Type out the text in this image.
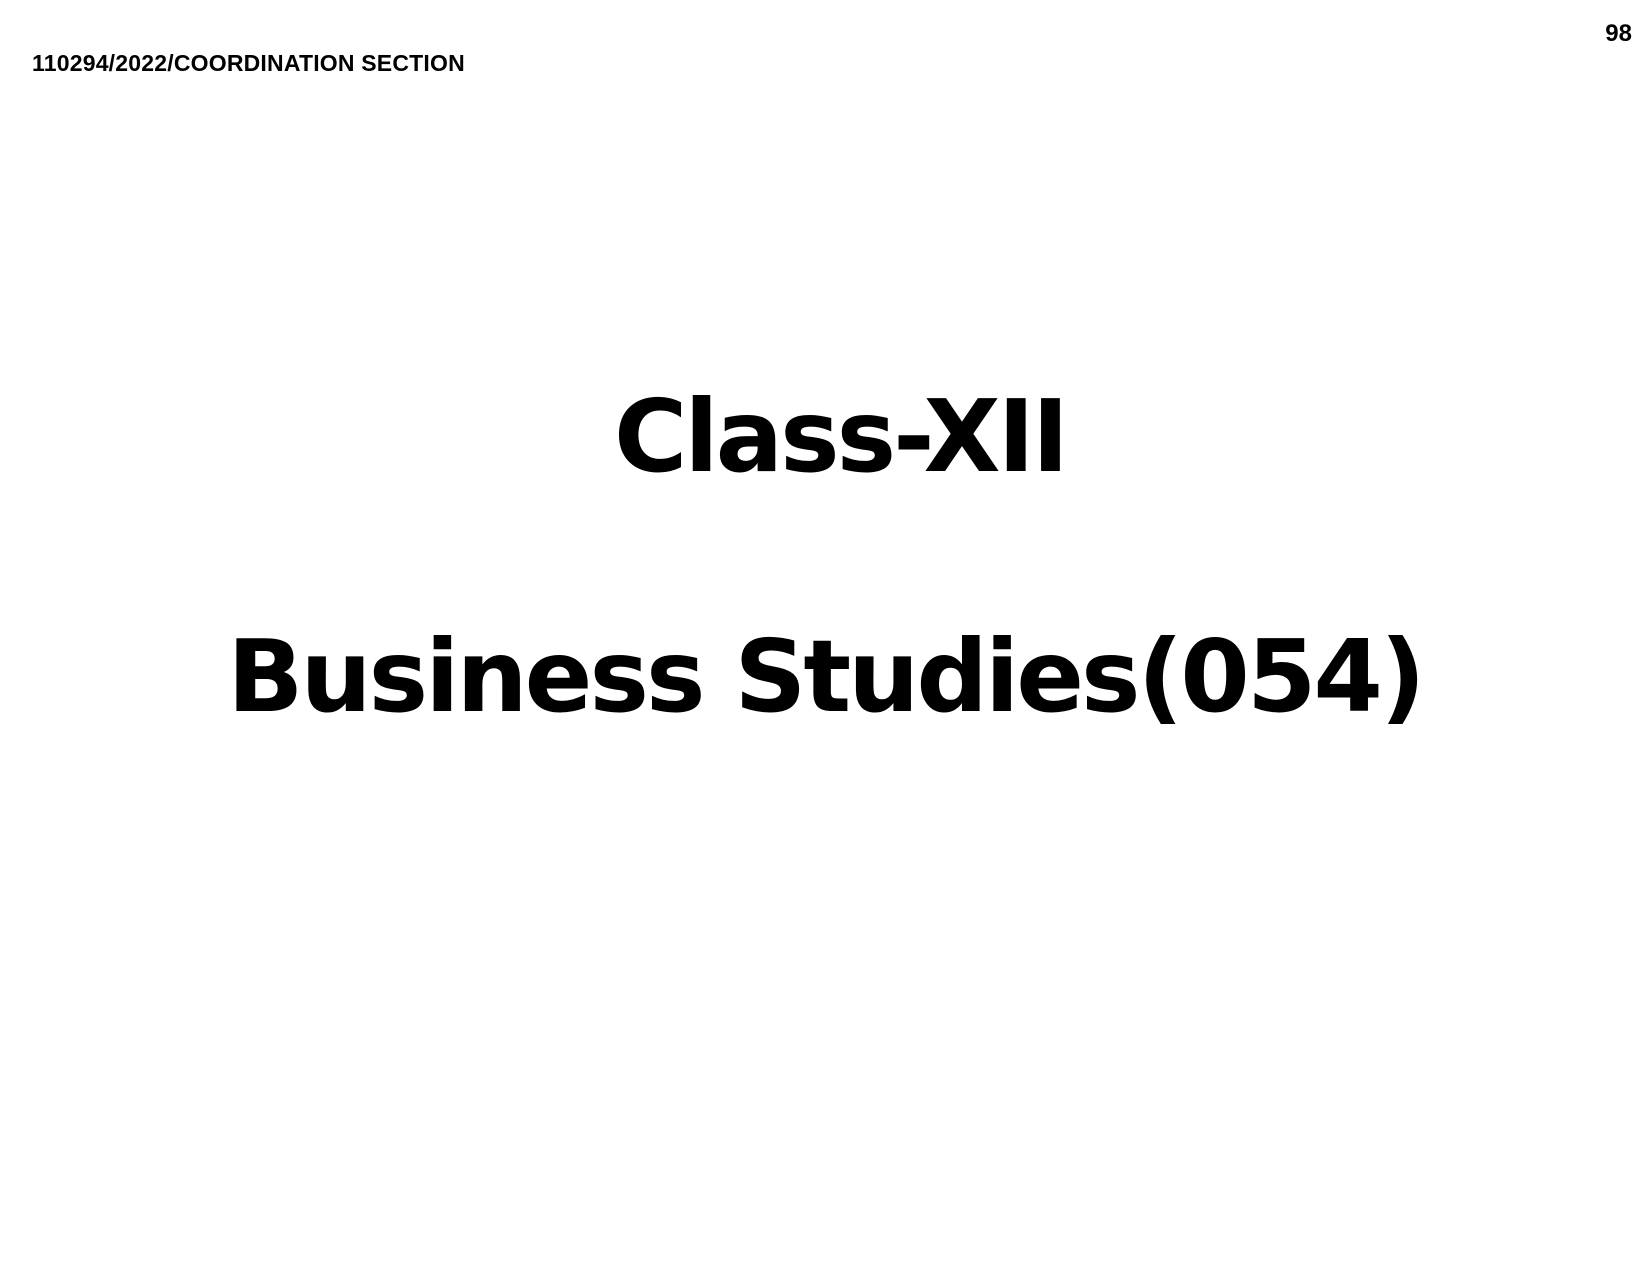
110294/2022/COORDINATION SECTION
98
Class-XII
Business Studies(054)
